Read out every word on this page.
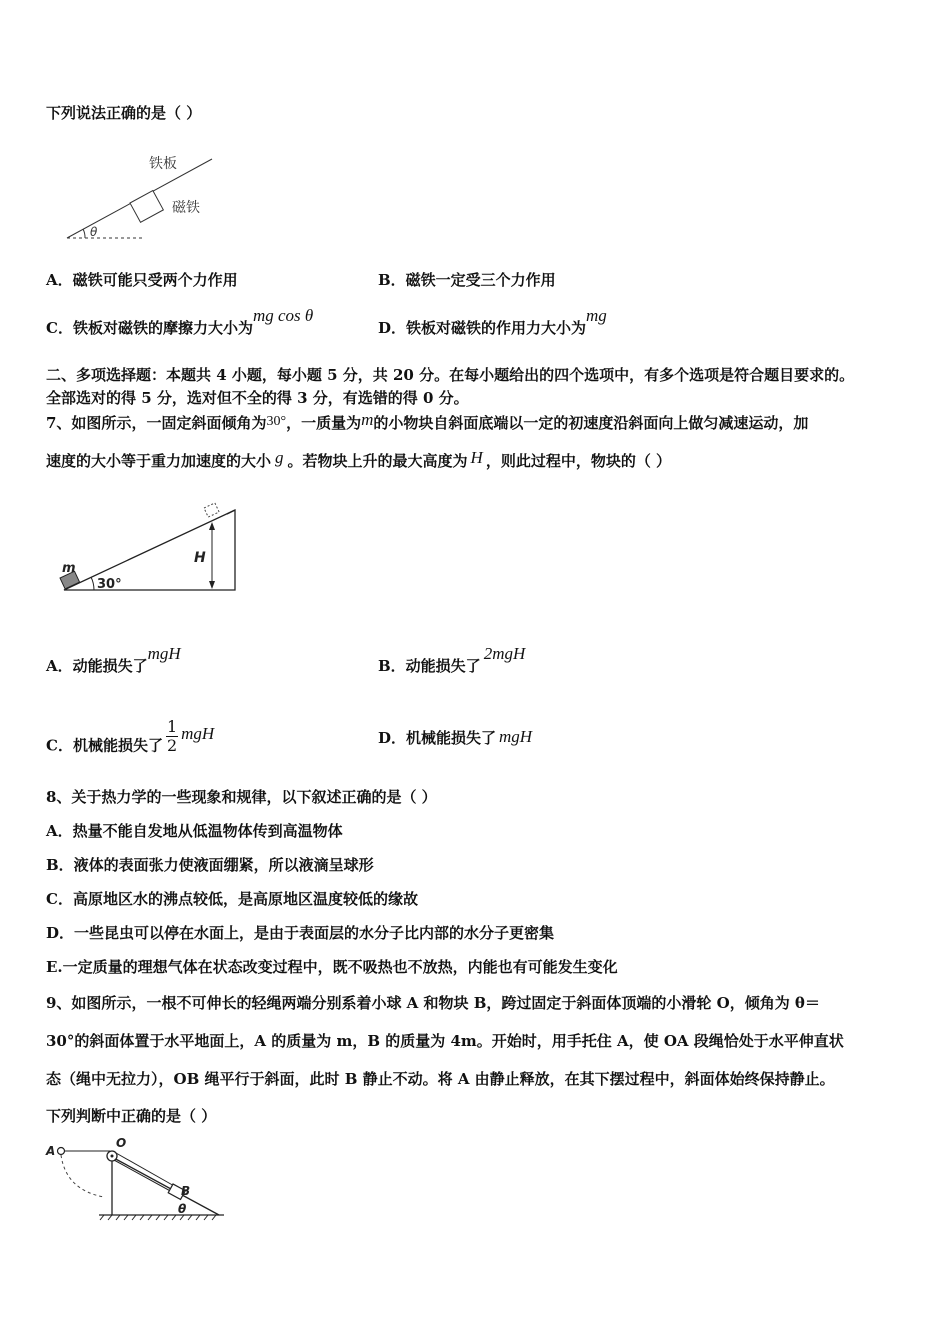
下列说法正确的是（ ）
铁板
磁铁
θ
A．磁铁可能只受两个力作用	B．磁铁一定受三个力作用
C．铁板对磁铁的摩擦力大小为mg cos θ
D．铁板对磁铁的作用力大小为mg
二、多项选择题：本题共 4 小题，每小题 5 分，共 20 分。在每小题给出的四个选项中，有多个选项是符合题目要求的。
全部选对的得 5 分，选对但不全的得 3 分，有选错的得 0 分。
7、如图所示，一固定斜面倾角为30°，一质量为m的小物块自斜面底端以一定的初速度沿斜面向上做匀减速运动，加
速度的大小等于重力加速度的大小 g 。若物块上升的最大高度为 H ，则此过程中，物块的（ ）
m
30°
H
A．动能损失了mgH
B．动能损失了2mgH
C．机械能损失了 $\frac{1}{2}$ mgH	D．机械能损失了 mgH
8、关于热力学的一些现象和规律，以下叙述正确的是（ ）
A．热量不能自发地从低温物体传到高温物体
B．液体的表面张力使液面绷紧，所以液滴呈球形
C．高原地区水的沸点较低，是高原地区温度较低的缘故
D．一些昆虫可以停在水面上，是由于表面层的水分子比内部的水分子更密集
E.一定质量的理想气体在状态改变过程中，既不吸热也不放热，内能也有可能发生变化
9、如图所示，一根不可伸长的轻绳两端分别系着小球 A 和物块 B，跨过固定于斜面体顶端的小滑轮 O，倾角为 θ＝
30°的斜面体置于水平地面上，A 的质量为 m，B 的质量为 4m。开始时，用手托住 A，使 OA 段绳恰处于水平伸直状
态（绳中无拉力），OB 绳平行于斜面，此时 B 静止不动。将 A 由静止释放，在其下摆过程中，斜面体始终保持静止。
下列判断中正确的是（ ）
A
O
B
θ
